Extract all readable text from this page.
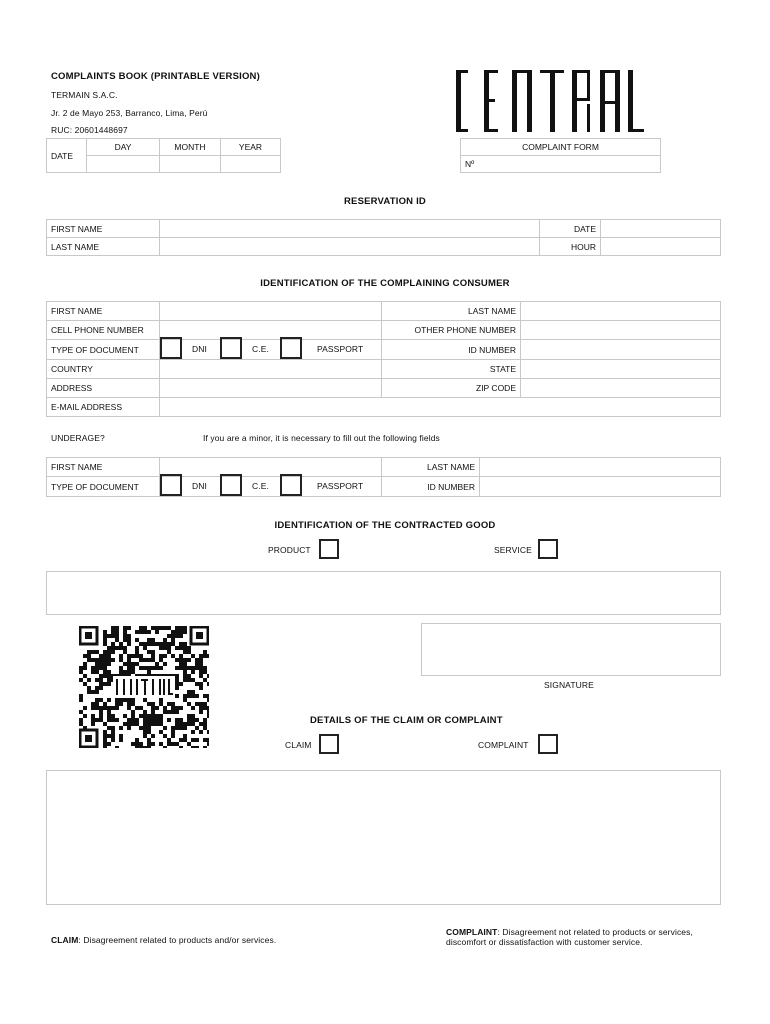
COMPLAINTS BOOK (PRINTABLE VERSION)
TERMAIN S.A.C.
Jr. 2 de Mayo 253, Barranco, Lima, Perú
RUC: 20601448697
DATE	DAY	MONTH	YEAR
			COMPLAINT FORM
Nº
RESERVATION ID
FIRST NAME		DATE	
LAST NAME		HOUR	
IDENTIFICATION OF THE COMPLAINING CONSUMER
FIRST NAME		LAST NAME	
CELL PHONE NUMBER		OTHER PHONE NUMBER	
TYPE OF DOCUMENT	DNI C.E. PASSPORT	ID NUMBER	
COUNTRY		STATE	
ADDRESS		ZIP CODE	
E-MAIL ADDRESS			
UNDERAGE?	If you are a minor, it is necessary to fill out the following fields
FIRST NAME		LAST NAME	
TYPE OF DOCUMENT	DNI C.E. PASSPORT	ID NUMBER	
IDENTIFICATION OF THE CONTRACTED GOOD
PRODUCT	SERVICE
SIGNATURE
DETAILS OF THE CLAIM OR COMPLAINT
CLAIM	COMPLAINT
CLAIM: Disagreement related to products and/or services.
COMPLAINT: Disagreement not related to products or services, discomfort or dissatisfaction with customer service.
